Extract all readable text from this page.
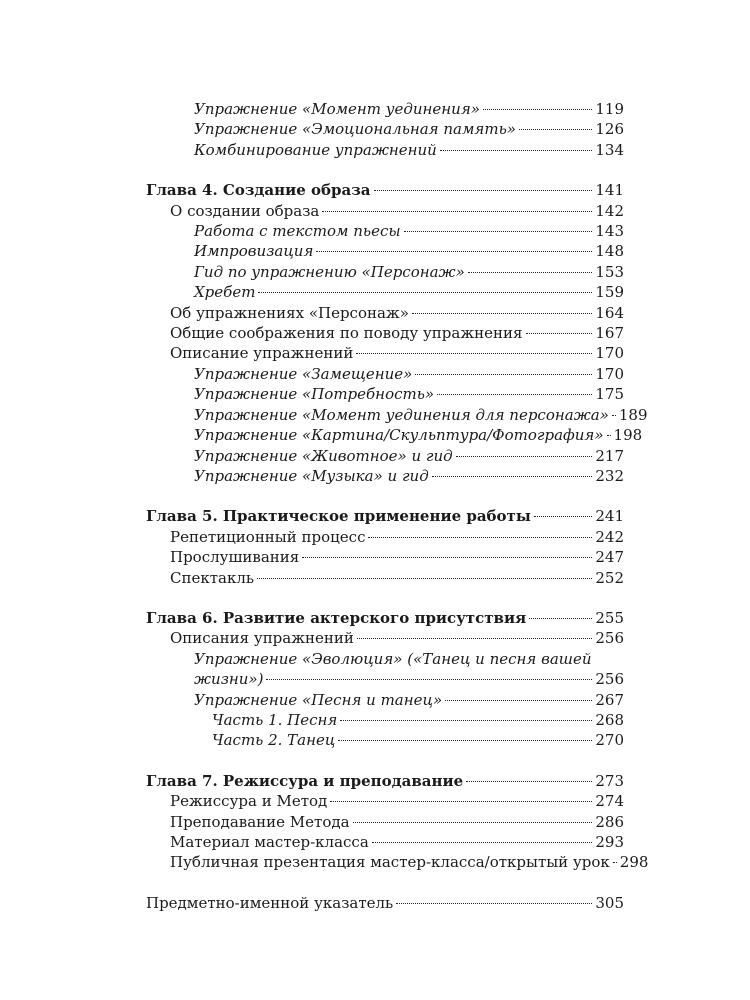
Упражнение «Момент уединения»	119
Упражнение «Эмоциональная память»	126
Комбинирование упражнений	134
Глава 4. Создание образа	141
О создании образа	142
Работа с текстом пьесы	143
Импровизация	148
Гид по упражнению «Персонаж»	153
Хребет	159
Об упражнениях «Персонаж»	164
Общие соображения по поводу упражнения	167
Описание упражнений	170
Упражнение «Замещение»	170
Упражнение «Потребность»	175
Упражнение «Момент уединения для персонажа» 189
Упражнение «Картина/Скульптура/Фотография» 198
Упражнение «Животное» и гид	217
Упражнение «Музыка» и гид	232
Глава 5. Практическое применение работы	241
Репетиционный процесс	242
Прослушивания	247
Спектакль	252
Глава 6. Развитие актерского присутствия	255
Описания упражнений	256
Упражнение «Эволюция» («Танец и песня вашей
жизни»)	256
Упражнение «Песня и танец»	267
Часть 1. Песня	268
Часть 2. Танец	270
Глава 7. Режиссура и преподавание	273
Режиссура и Метод	274
Преподавание Метода	286
Материал мастер-класса	293
Публичная презентация мастер-класса/открытый урок 298
Предметно-именной указатель	305
